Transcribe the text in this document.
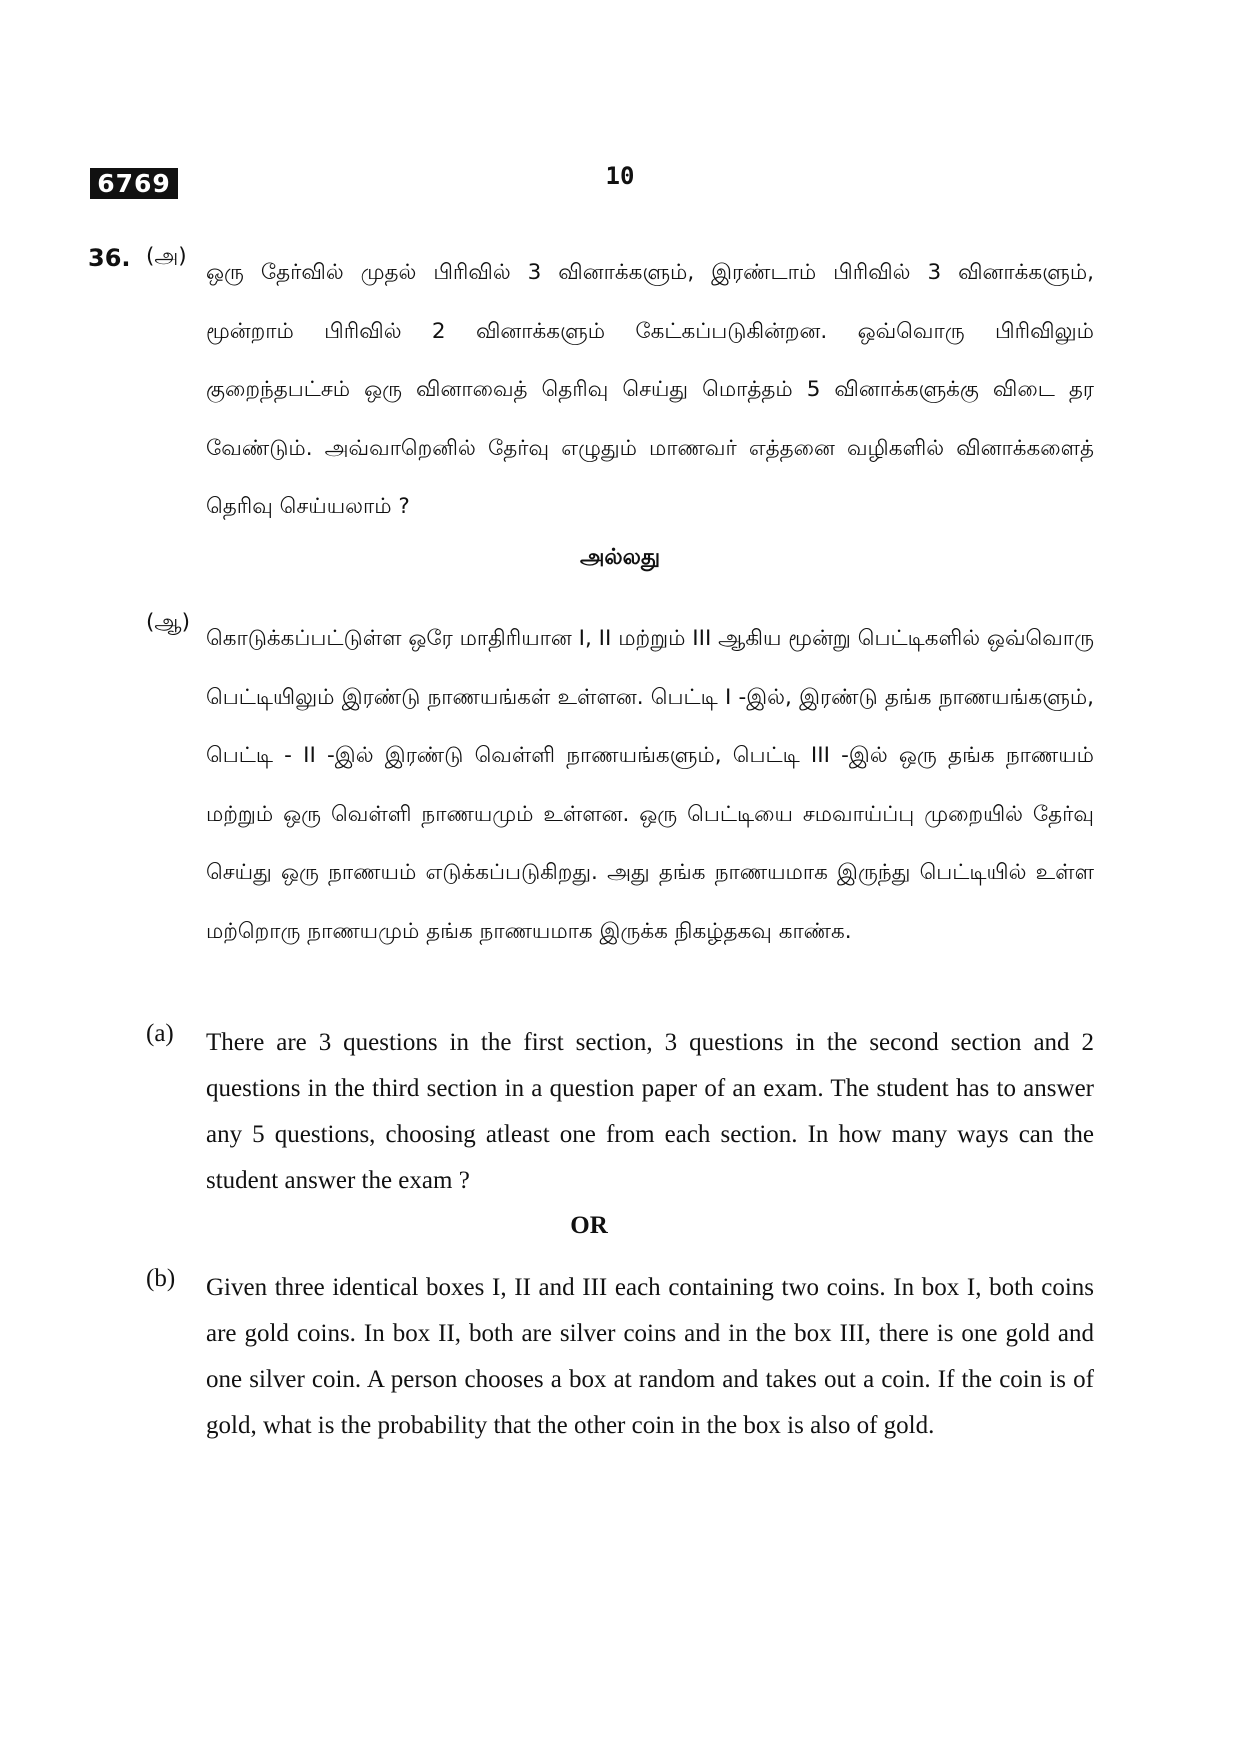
6769	10
36. (அ)

ஒரு தேர்வில் முதல் பிரிவில் 3 வினாக்களும், இரண்டாம் பிரிவில் 3 வினாக்களும், மூன்றாம் பிரிவில் 2 வினாக்களும் கேட்கப்படுகின்றன. ஒவ்வொரு பிரிவிலும் குறைந்தபட்சம் ஒரு வினாவைத் தெரிவு செய்து மொத்தம் 5 வினாக்களுக்கு விடை தர வேண்டும். அவ்வாறெனில் தேர்வு எழுதும் மாணவர் எத்தனை வழிகளில் வினாக்களைத் தெரிவு செய்யலாம் ?

அல்லது
(ஆ)

கொடுக்கப்பட்டுள்ள ஒரே மாதிரியான I, II மற்றும் III ஆகிய மூன்று பெட்டிகளில் ஒவ்வொரு பெட்டியிலும் இரண்டு நாணயங்கள் உள்ளன. பெட்டி I -இல், இரண்டு தங்க நாணயங்களும், பெட்டி - II -இல் இரண்டு வெள்ளி நாணயங்களும், பெட்டி III -இல் ஒரு தங்க நாணயம் மற்றும் ஒரு வெள்ளி நாணயமும் உள்ளன. ஒரு பெட்டியை சமவாய்ப்பு முறையில் தேர்வு செய்து ஒரு நாணயம் எடுக்கப்படுகிறது. அது தங்க நாணயமாக இருந்து பெட்டியில் உள்ள மற்றொரு நாணயமும் தங்க நாணயமாக இருக்க நிகழ்தகவு காண்க.

(a) There are 3 questions in the first section, 3 questions in the second section and 2 questions in the third section in a question paper of an exam. The student has to answer any 5 questions, choosing atleast one from each section. In how many ways can the student answer the exam ?

OR
(b) Given three identical boxes I, II and III each containing two coins. In box I, both coins are gold coins. In box II, both are silver coins and in the box III, there is one gold and one silver coin. A person chooses a box at random and takes out a coin. If the coin is of gold, what is the probability that the other coin in the box is also of gold.
